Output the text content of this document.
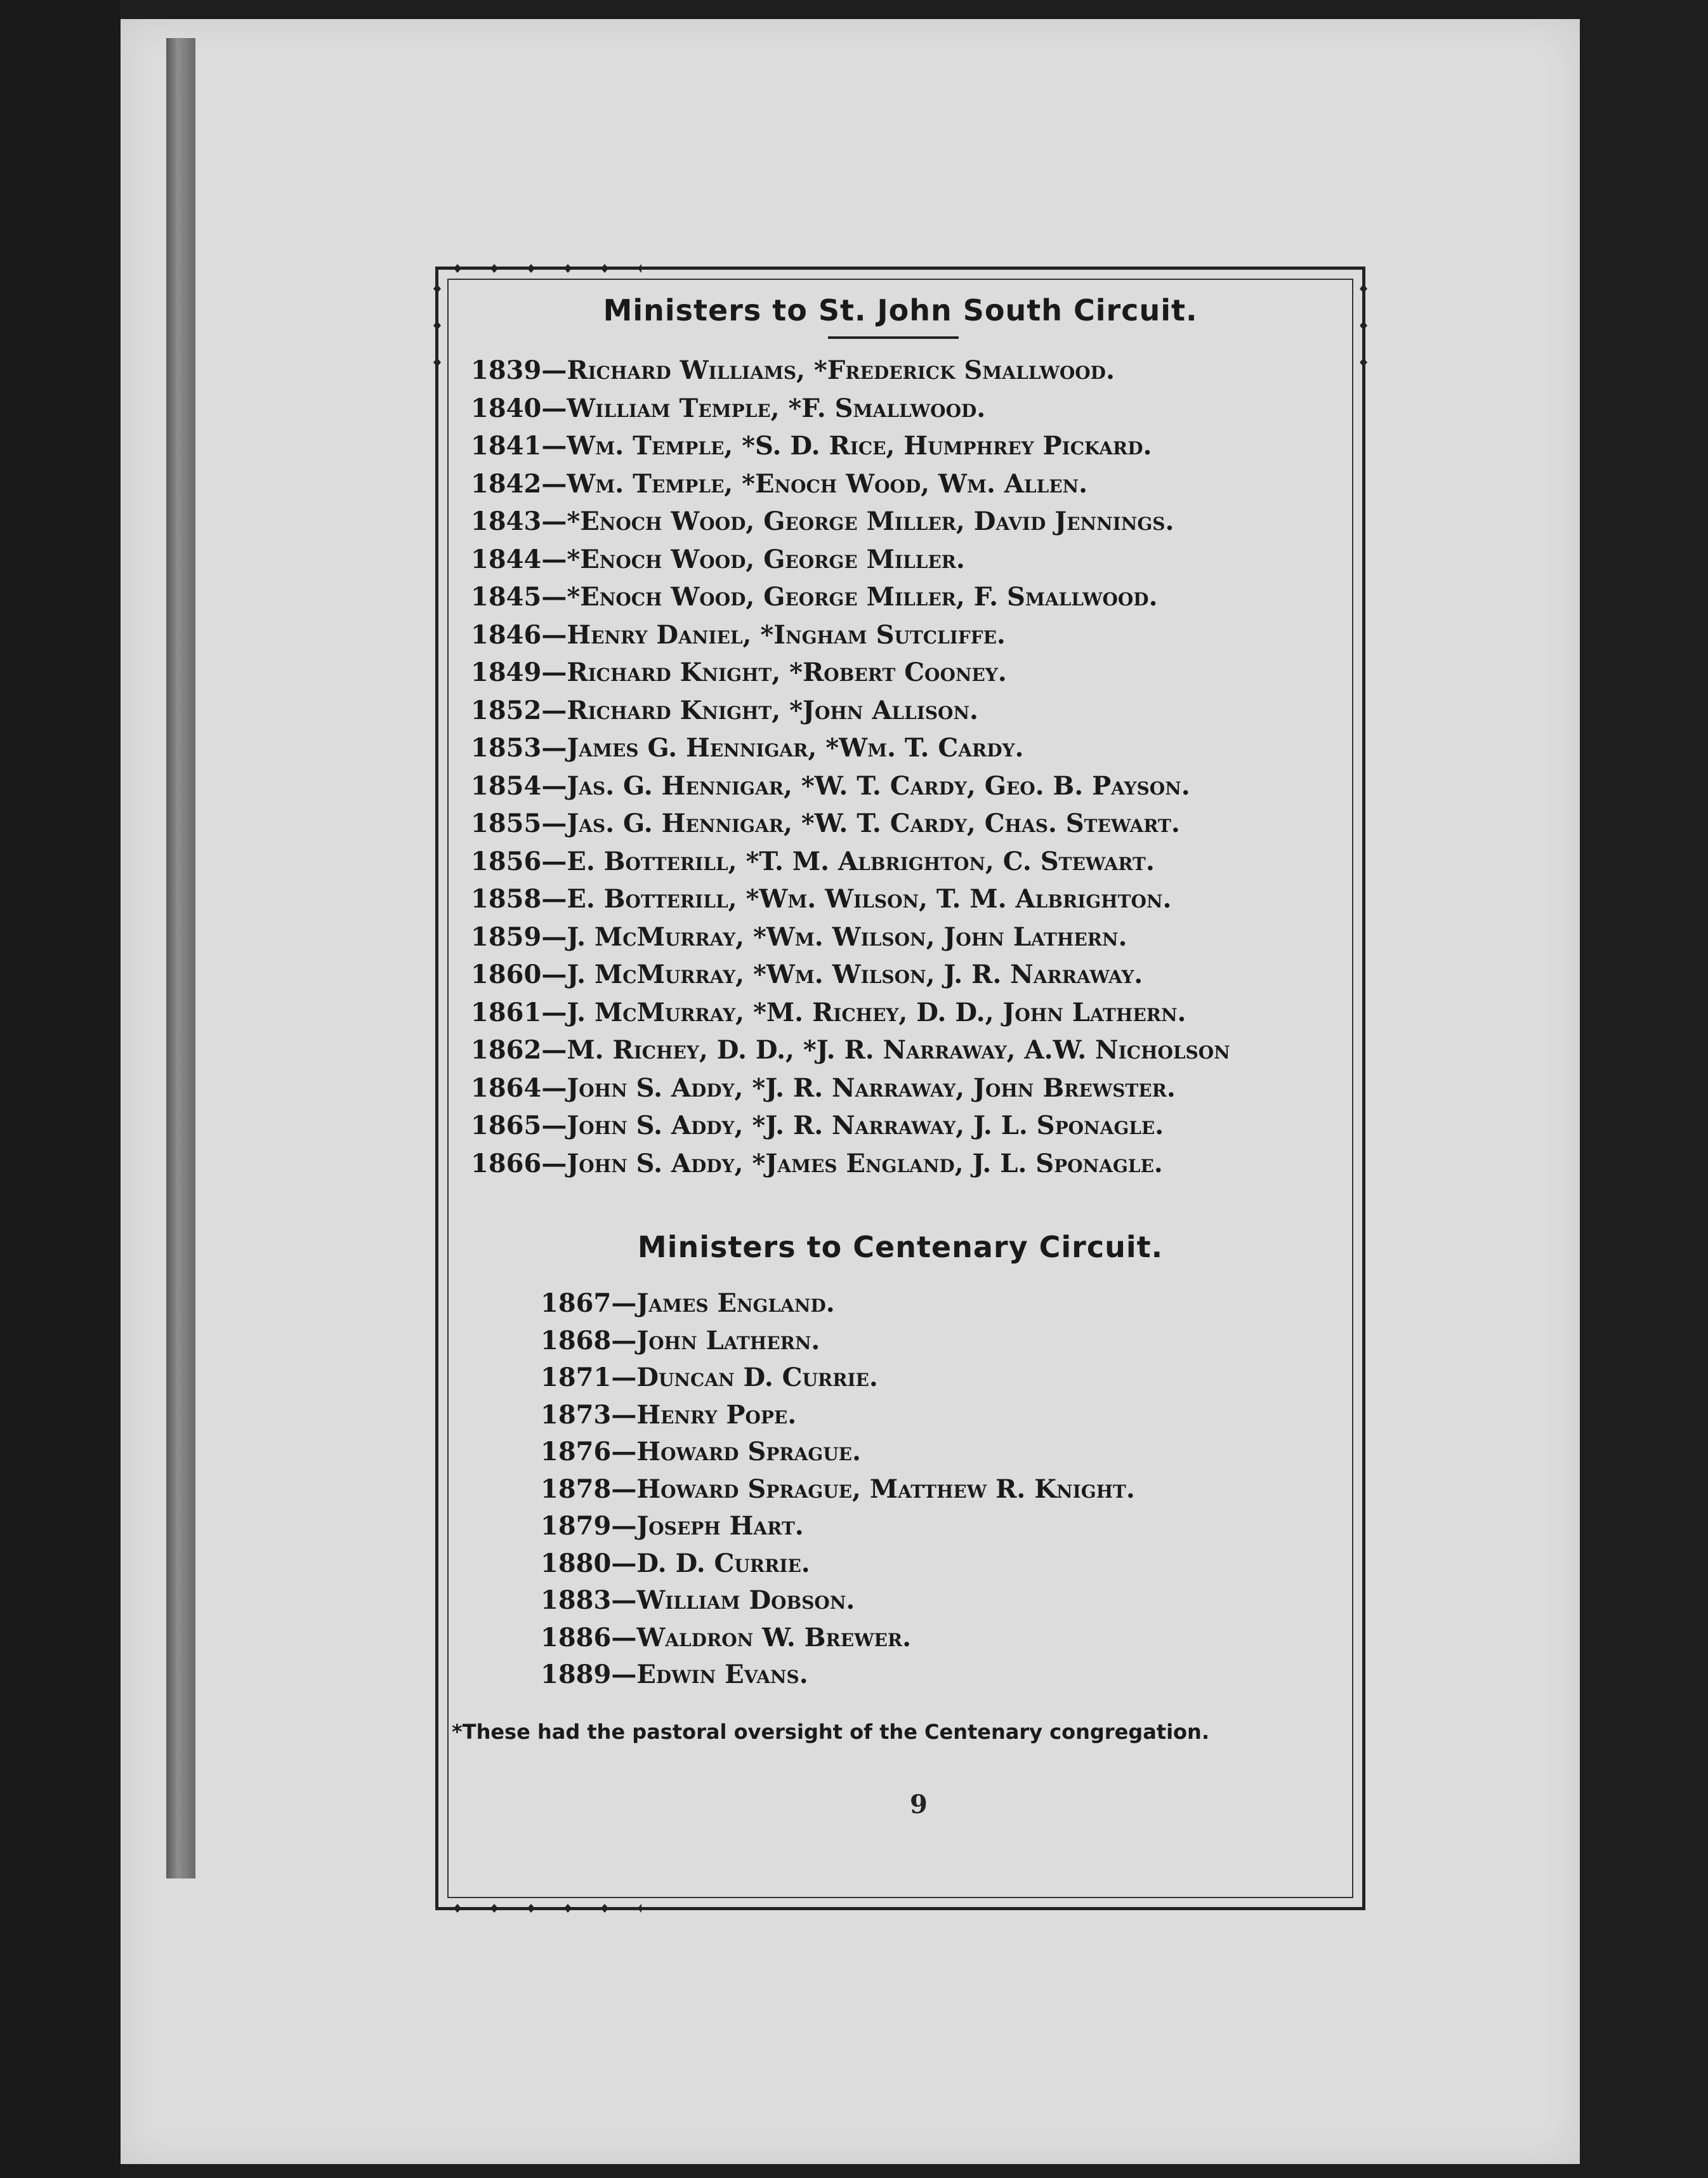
Ministers to St. John South Circuit.
1839—Richard Williams, *Frederick Smallwood.
1840—William Temple, *F. Smallwood.
1841—Wm. Temple, *S. D. Rice, Humphrey Pickard.
1842—Wm. Temple, *Enoch Wood, Wm. Allen.
1843—*Enoch Wood, George Miller, David Jennings.
1844—*Enoch Wood, George Miller.
1845—*Enoch Wood, George Miller, F. Smallwood.
1846—Henry Daniel, *Ingham Sutcliffe.
1849—Richard Knight, *Robert Cooney.
1852—Richard Knight, *John Allison.
1853—James G. Hennigar, *Wm. T. Cardy.
1854—Jas. G. Hennigar, *W. T. Cardy, Geo. B. Payson.
1855—Jas. G. Hennigar, *W. T. Cardy, Chas. Stewart.
1856—E. Botterill, *T. M. Albrighton, C. Stewart.
1858—E. Botterill, *Wm. Wilson, T. M. Albrighton.
1859—J. McMurray, *Wm. Wilson, John Lathern.
1860—J. McMurray, *Wm. Wilson, J. R. Narraway.
1861—J. McMurray, *M. Richey, D. D., John Lathern.
1862—M. Richey, D. D., *J. R. Narraway, A.W. Nicholson
1864—John S. Addy, *J. R. Narraway, John Brewster.
1865—John S. Addy, *J. R. Narraway, J. L. Sponagle.
1866—John S. Addy, *James England, J. L. Sponagle.
Ministers to Centenary Circuit.
1867—James England.
1868—John Lathern.
1871—Duncan D. Currie.
1873—Henry Pope.
1876—Howard Sprague.
1878—Howard Sprague, Matthew R. Knight.
1879—Joseph Hart.
1880—D. D. Currie.
1883—William Dobson.
1886—Waldron W. Brewer.
1889—Edwin Evans.
*These had the pastoral oversight of the Centenary congregation.
9
